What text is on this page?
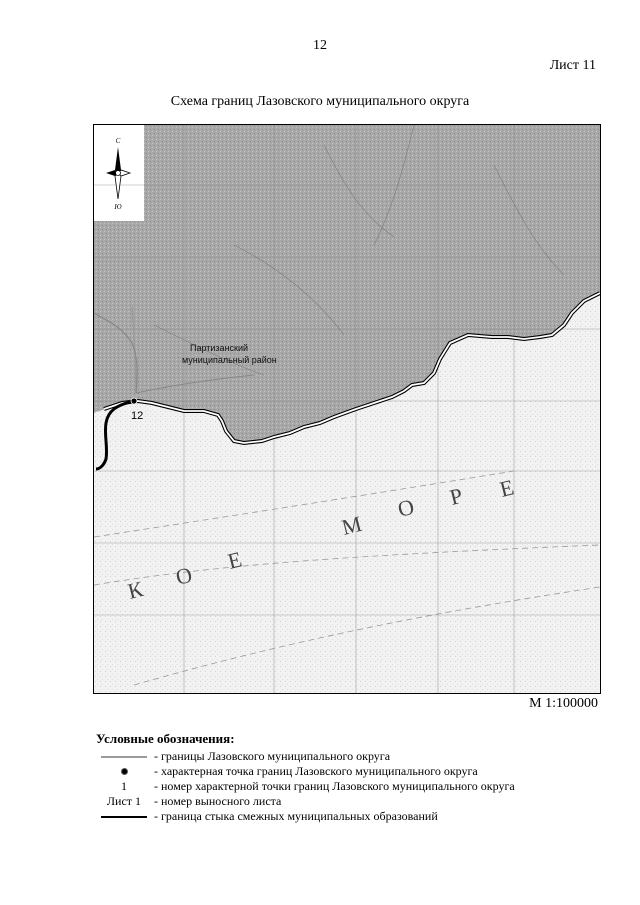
12
Лист 11
Схема границ Лазовского муниципального округа
12
Партизанский
муниципальный район
К
О
Е
М
О Р Е
С
Ю
М 1:100000
Условные обозначения:
- границы Лазовского муниципального округа
- характерная точка границ Лазовского муниципального округа
1 - номер характерной точки границ Лазовского муниципального округа
Лист 1 - номер выносного листа
- граница стыка смежных муниципальных образований
